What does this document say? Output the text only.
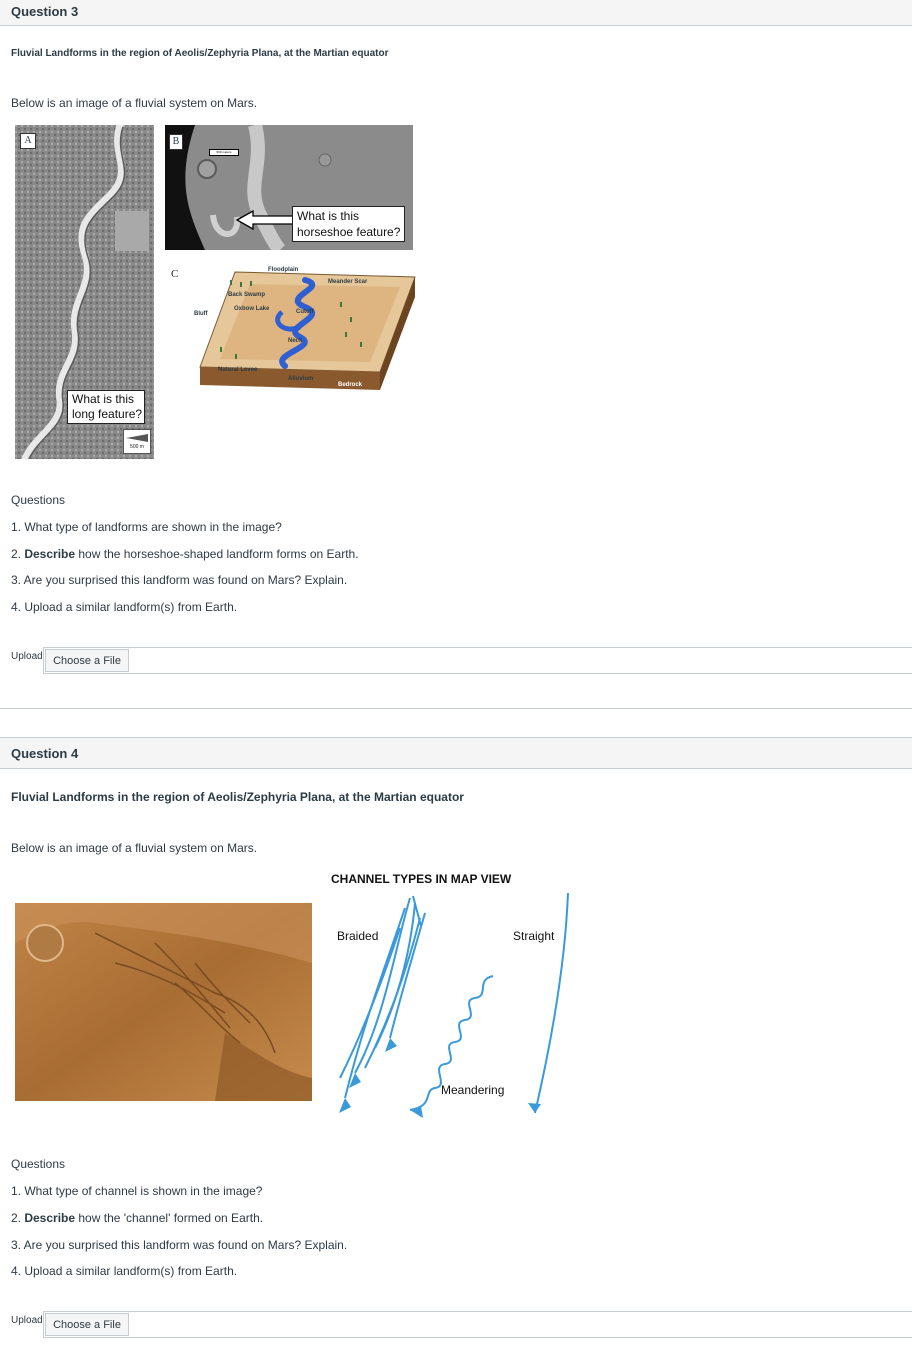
Question 3
Fluvial Landforms in the region of Aeolis/Zephyria Plana, at the Martian equator
Below is an image of a fluvial system on Mars.
A
What is this
long feature?
500 m
B
500 meters
What is this
horseshoe feature?
C	Floodplain
Meander Scar
Back Swamp
Oxbow Lake
Bluff	Cutoff
Neck
Natural Levee
Alluvium
Bedrock
Questions
1. What type of landforms are shown in the image?
2. Describe how the horseshoe-shaped landform forms on Earth.
3. Are you surprised this landform was found on Mars? Explain.
4. Upload a similar landform(s) from Earth.
Upload Choose a File
Question 4
Fluvial Landforms in the region of Aeolis/Zephyria Plana, at the Martian equator
Below is an image of a fluvial system on Mars.
CHANNEL TYPES IN MAP VIEW
Braided	Straight
Meandering
Questions
1. What type of channel is shown in the image?
2. Describe how the 'channel' formed on Earth.
3. Are you surprised this landform was found on Mars? Explain.
4. Upload a similar landform(s) from Earth.
Upload Choose a File
